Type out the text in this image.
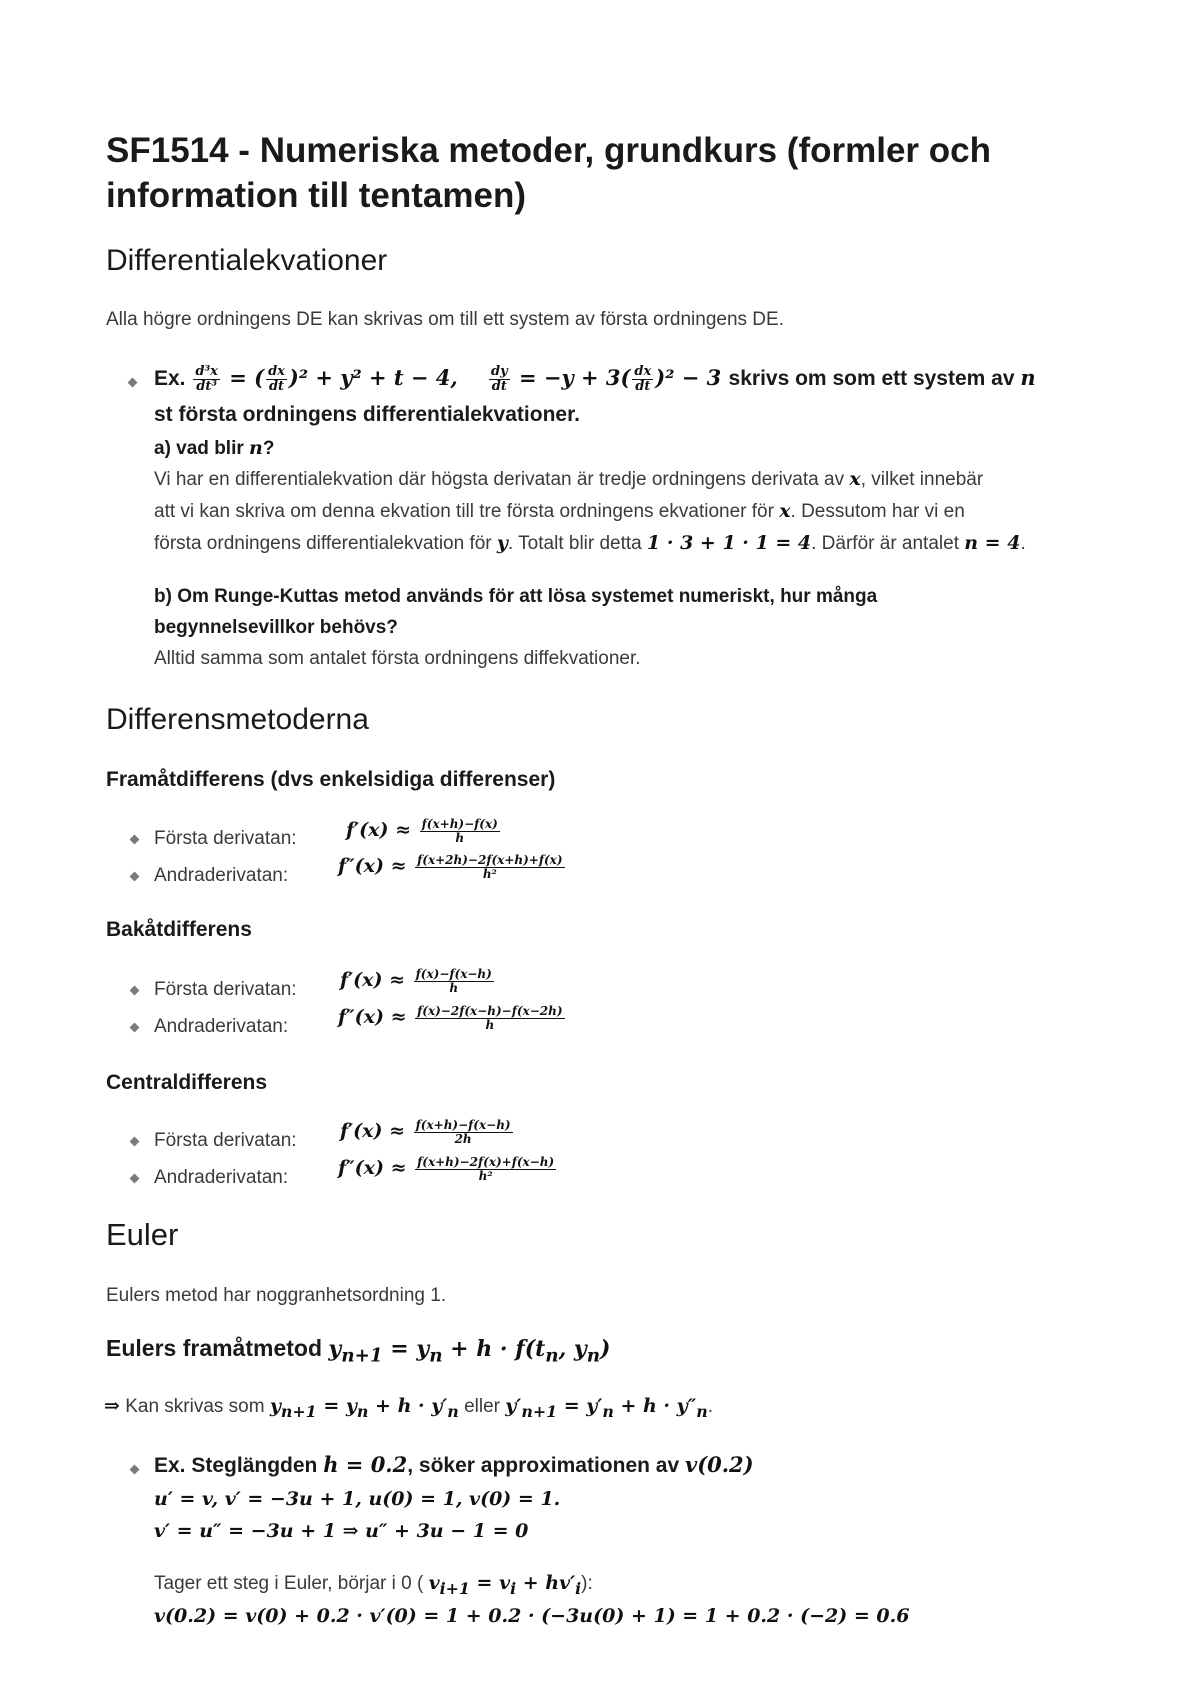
SF1514 - Numeriska metoder, grundkurs (formler och
information till tentamen)
Differentialekvationer
Alla högre ordningens DE kan skrivas om till ett system av första ordningens DE.
Ex. $\frac{\text{d³x}}{\text{dt³}}$ = ( $\frac{dx}{dt} )^2 + y^2 + t - 4$, $\frac{dy}{dt} = -y + 3( \frac{dx}{dt} )^2 - 3$ skrivs om som ett system av n
st första ordningens differentialekvationer.
a) vad blir n?
Vi har en differentialekvation där högsta derivatan är tredje ordningens derivata av x, vilket innebär
att vi kan skriva om denna ekvation till tre första ordningens ekvationer för x. Dessutom har vi en
första ordningens differentialekvation för y. Totalt blir detta 1 · 3 + 1 · 1 = 4. Därför är antalet n = 4.
b) Om Runge-Kuttas metod används för att lösa systemet numeriskt, hur många
begynnelsevillkor behövs?
Alltid samma som antalet första ordningens diffekvationer.
Differensmetoderna
Framåtdifferens (dvs enkelsidiga differenser)
Första derivatan:	$f'(x) \approx \frac{f(x+h)-f(x)}{h}$
Andraderivatan:	$f''(x) \approx \frac{f(x+2h)-2f(x+h)+f(x)}{\text{h²}}$
Bakåtdifferens
Första derivatan: $f'(x) \approx \frac{f(x)-f(x-h)}{h}$
Andraderivatan:	$f''(x) \approx \frac{f(x)-2f(x-h)-f(x-2h)}{h}$
Centraldifferens
Första derivatan: $f'(x) \approx \frac{f(x+h)-f(x-h)}{2h}$
Andraderivatan:	$f''(x) \approx \frac{f(x+h)-2f(x)+f(x-h)}{\text{h²}}$
Euler
Eulers metod har noggranhetsordning 1.
Eulers framåtmetod $y_{n+1} = y_n + h \cdot f(t_n$, $y_n$)
⇒ Kan skrivas som $y_{n+1} = y_n + h \cdot y'_n$ eller $y'_{n+1} = y'_n + h \cdot y''_n$.
Ex. Steglängden h = 0.2, söker approximationen av v(0.2)
u′ = v, v′ = −3u + 1, u(0) = 1, v(0) = 1.
v′ = u″ = −3u + 1 ⇒ u″ + 3u − 1 = 0
Tager ett steg i Euler, börjar i 0 ( $v_{i+1} = v_i + hv'_i$):
v(0.2) = v(0) + 0.2 · v′(0) = 1 + 0.2 · (−3u(0) + 1) = 1 + 0.2 · (−2) = 0.6
